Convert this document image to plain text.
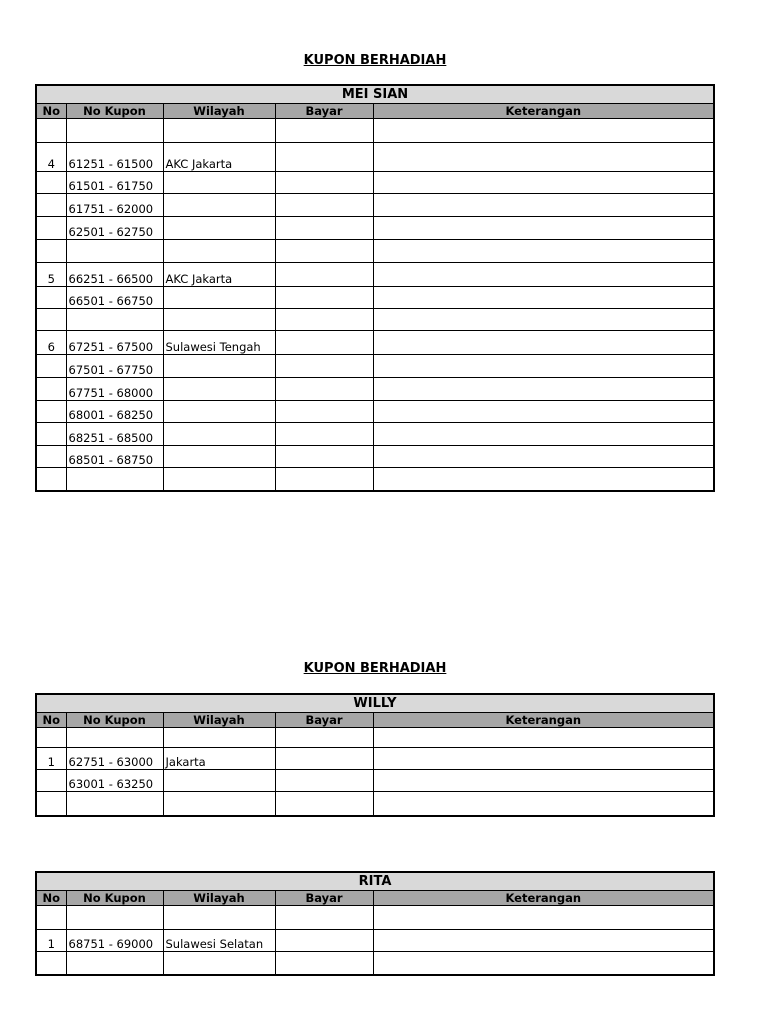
KUPON BERHADIAH
MEI SIAN				
No	No Kupon	Wilayah	Bayar	Keterangan

4	61251 - 61500	AKC Jakarta		
	61501 - 61750			
	61751 - 62000			
	62501 - 62750			

5	66251 - 66500	AKC Jakarta		
	66501 - 66750			

6	67251 - 67500	Sulawesi Tengah		
	67501 - 67750			
	67751 - 68000			
	68001 - 68250			
	68251 - 68500			
	68501 - 68750			

KUPON BERHADIAH
WILLY				
No	No Kupon	Wilayah	Bayar	Keterangan

1	62751 - 63000	Jakarta		
	63001 - 63250			

RITA				
No	No Kupon	Wilayah	Bayar	Keterangan

1	68751 - 69000	Sulawesi Selatan		
